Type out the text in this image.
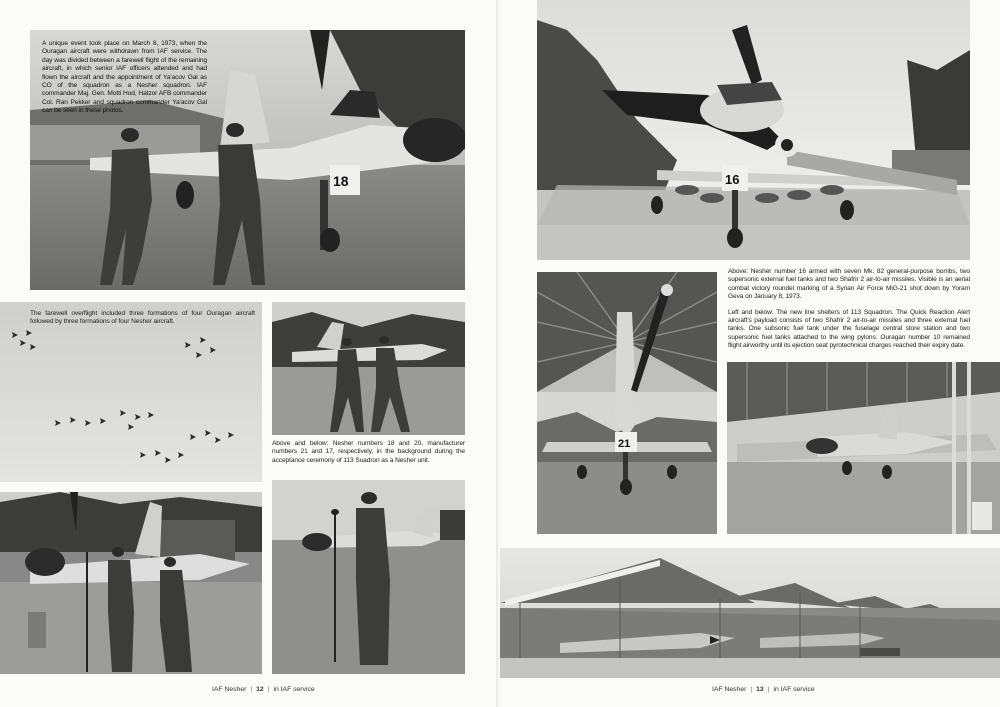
18
A unique event took place on March 8, 1973, when the Ouragan aircraft were withdrawn from IAF service. The day was divided between a farewell flight of the remaining aircraft, in which senior IAF officers attended and had flown the aircraft and the appointment of Ya'acov Gal as CO of the squadron as a Nesher squadron. IAF commander Maj. Gen. Motti Hod, Hatzor AFB commander Col. Ran Pekker and squadron commander Ya'acov Gal can be seen in these photos.
The farewell overflight included three formations of four Ouragan aircraft followed by three formations of four Nesher aircraft.
Above and below: Nesher numbers 18 and 20, manufacturer numbers 21 and 17, respectively, in the background during the acceptance ceremony of 113 Suadron as a Nesher unit.
IAF Nesher | 12 | in IAF service
16

Above: Nesher number 16 armed with seven Mk. 82 general-purpose bombs, two supersonic external fuel tanks and two Shafrir 2 air-to-air missiles. Visible is an aerial combat victory roundel marking of a Syrian Air Force MiG-21 shot down by Yoram Geva on January 8, 1973.

Left and below: The new line shelters of 113 Squadron. The Quick Reaction Alert aircraft's payload consists of two Shafrir 2 air-to-air missiles and three external fuel tanks. One subsonic fuel tank under the fuselage central store station and two supersonic fuel tanks attached to the wing pylons. Ouragan number 10 remained flight airworthy until its ejection seat pyrotechnical charges reached their expiry date.

21
IAF Nesher | 13 | in IAF service
